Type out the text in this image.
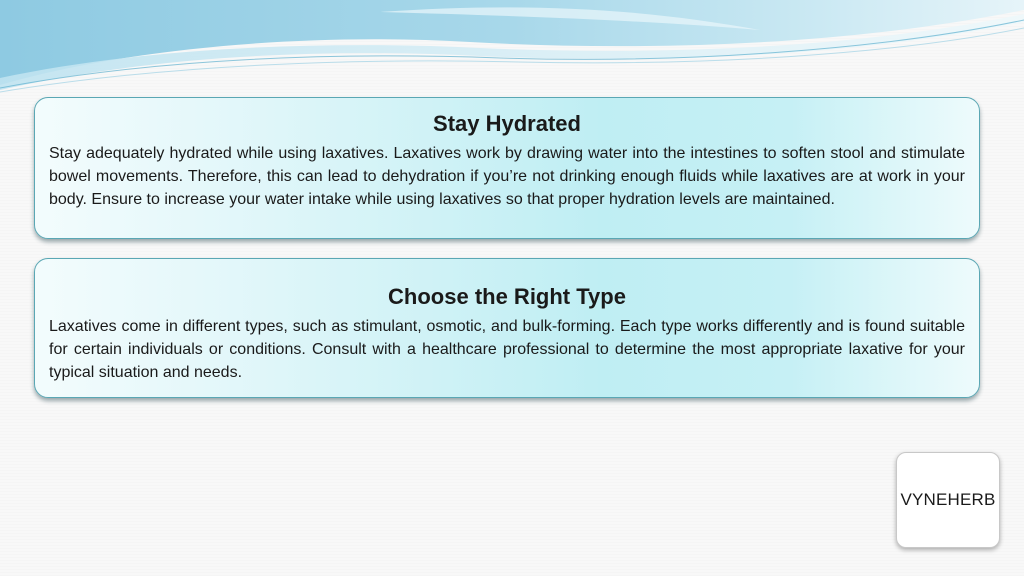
Stay Hydrated

Stay adequately hydrated while using laxatives. Laxatives work by drawing water into the intestines to soften stool and stimulate bowel movements. Therefore, this can lead to dehydration if you’re not drinking enough fluids while laxatives are at work in your body. Ensure to increase your water intake while using laxatives so that proper hydration levels are maintained.

Choose the Right Type

Laxatives come in different types, such as stimulant, osmotic, and bulk-forming. Each type works differently and is found suitable for certain individuals or conditions. Consult with a healthcare professional to determine the most appropriate laxative for your typical situation and needs.

VYNEHERB
